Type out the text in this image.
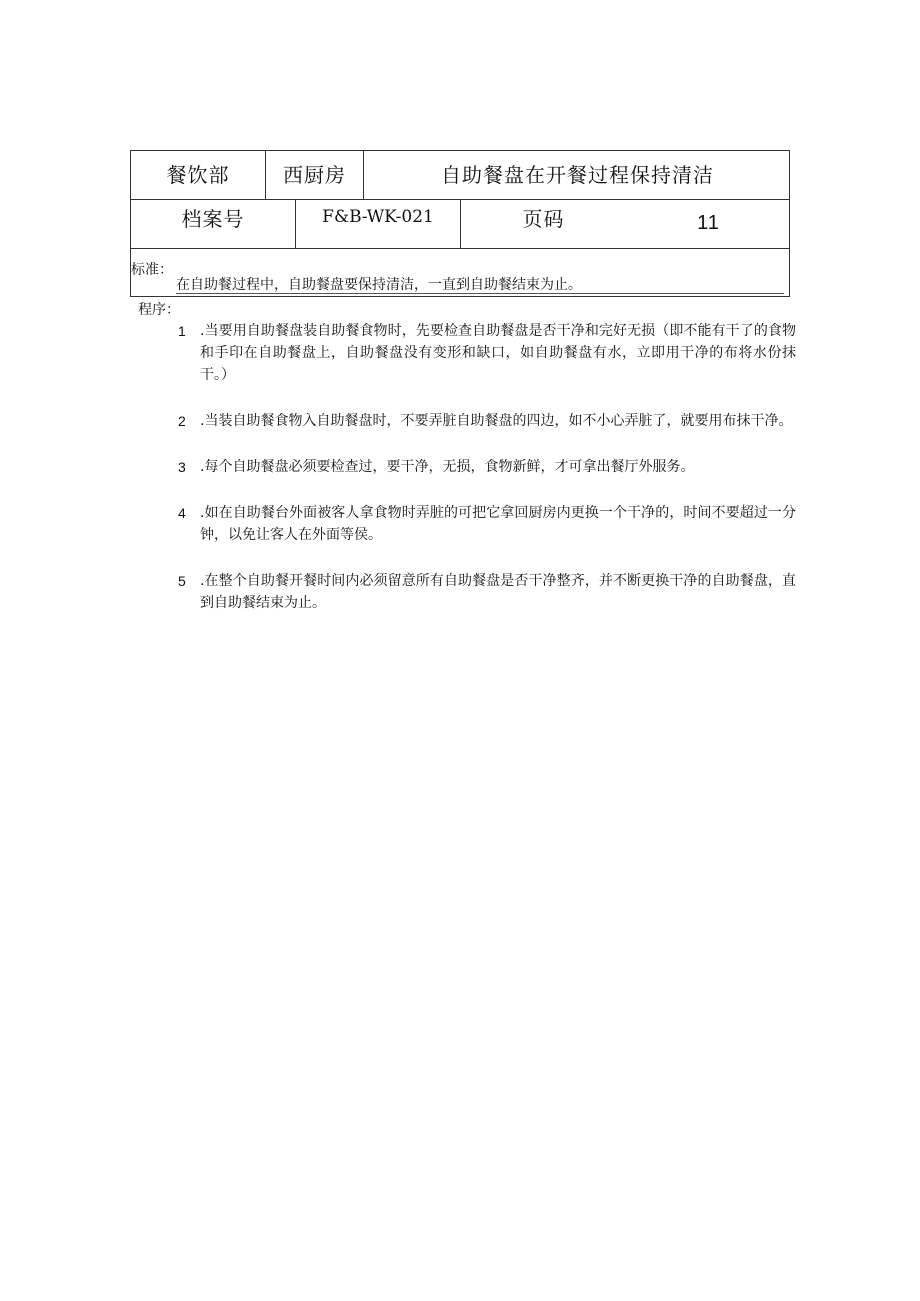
餐饮部	西厨房	自助餐盘在开餐过程保持清洁
档案号	F&B-WK-021	页码	11
标准：
在自助餐过程中，自助餐盘要保持清洁，一直到自助餐结束为止。
程序：
1	.当要用自助餐盘装自助餐食物时，先要检查自助餐盘是否干净和完好无损（即不能有干了的食物和手印在自助餐盘上，自助餐盘没有变形和缺口，如自助餐盘有水，立即用干净的布将水份抹干。）
2	.当装自助餐食物入自助餐盘时，不要弄脏自助餐盘的四边，如不小心弄脏了，就要用布抹干净。
3	.每个自助餐盘必须要检查过，要干净，无损，食物新鲜，才可拿出餐厅外服务。
4	.如在自助餐台外面被客人拿食物时弄脏的可把它拿回厨房内更换一个干净的，时间不要超过一分钟，以免让客人在外面等侯。
5	.在整个自助餐开餐时间内必须留意所有自助餐盘是否干净整齐，并不断更换干净的自助餐盘，直到自助餐结束为止。
